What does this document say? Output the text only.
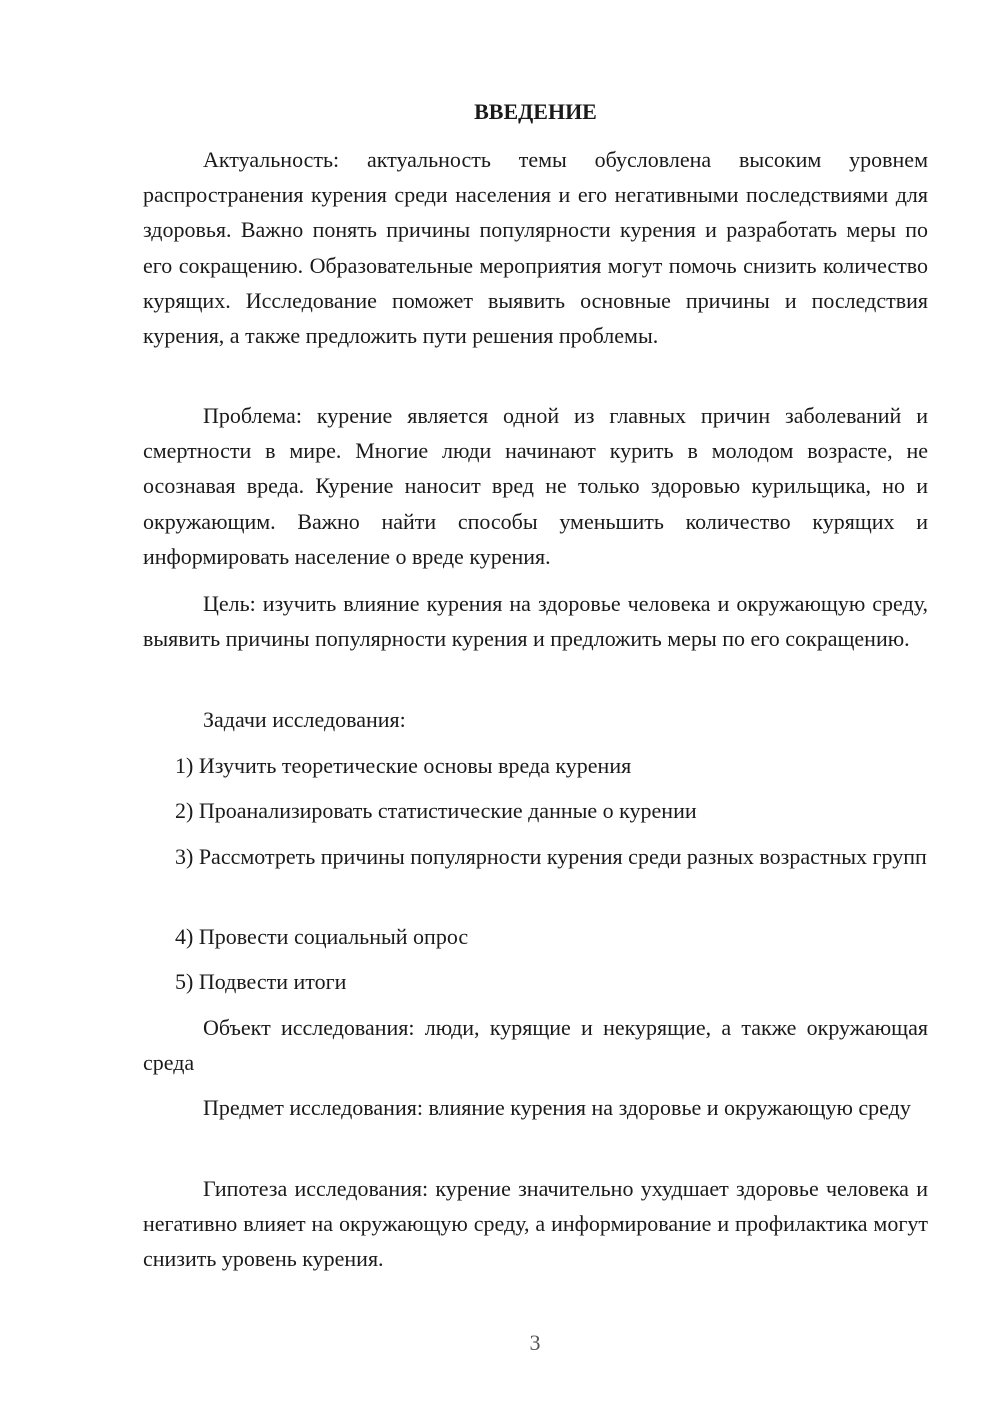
ВВЕДЕНИЕ

Актуальность: актуальность темы обусловлена высоким уровнем распространения курения среди населения и его негативными последствиями для здоровья. Важно понять причины популярности курения и разработать меры по его сокращению. Образовательные мероприятия могут помочь снизить количество курящих. Исследование поможет выявить основные причины и последствия курения, а также предложить пути решения проблемы.

Проблема: курение является одной из главных причин заболеваний и смертности в мире. Многие люди начинают курить в молодом возрасте, не осознавая вреда. Курение наносит вред не только здоровью курильщика, но и окружающим. Важно найти способы уменьшить количество курящих и информировать население о вреде курения.

Цель: изучить влияние курения на здоровье человека и окружающую среду, выявить причины популярности курения и предложить меры по его сокращению.

Задачи исследования:

1) Изучить теоретические основы вреда курения

2) Проанализировать статистические данные о курении

3) Рассмотреть причины популярности курения среди разных возрастных групп

4) Провести социальный опрос

5) Подвести итоги

Объект исследования: люди, курящие и некурящие, а также окружающая среда

Предмет исследования: влияние курения на здоровье и окружающую среду

Гипотеза исследования: курение значительно ухудшает здоровье человека и негативно влияет на окружающую среду, а информирование и профилактика могут снизить уровень курения.

3
